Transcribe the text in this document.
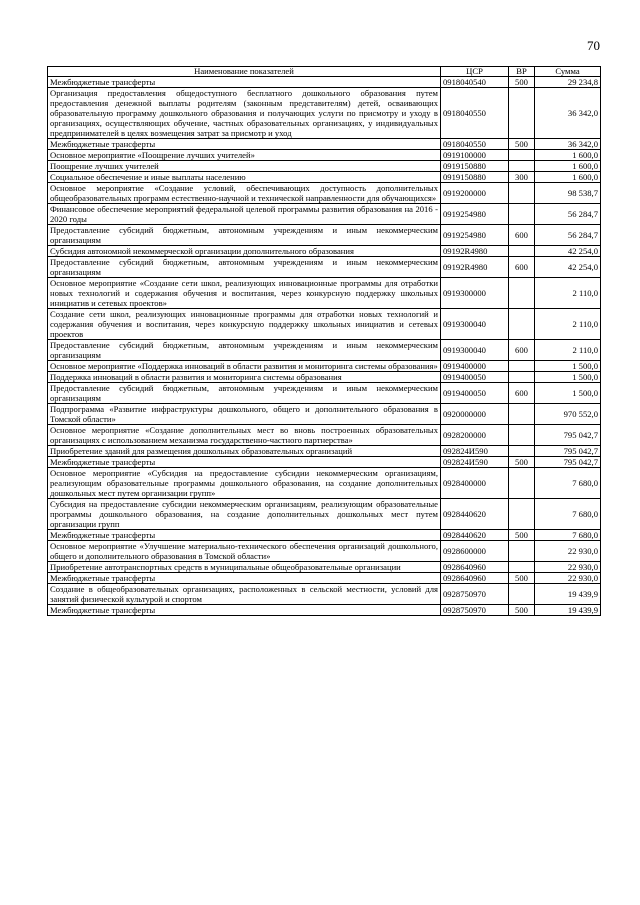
70
Наименование показателей	ЦСР	ВР	Сумма
Межбюджетные трансферты	0918040540	500	29 234,8
Организация предоставления общедоступного бесплатного дошкольного образования путем предоставления денежной выплаты родителям (законным представителям) детей, осваивающих образовательную программу дошкольного образования и получающих услуги по присмотру и уходу в организациях, осуществляющих обучение, частных образовательных организациях, у индивидуальных предпринимателей в целях возмещения затрат за присмотр и уход	0918040550		36 342,0
Межбюджетные трансферты	0918040550	500	36 342,0
Основное мероприятие «Поощрение лучших учителей»	0919100000		1 600,0
Поощрение лучших учителей	0919150880		1 600,0
Социальное обеспечение и иные выплаты населению	0919150880	300	1 600,0
Основное мероприятие «Создание условий, обеспечивающих доступность дополнительных общеобразовательных программ естественно-научной и технической направленности для обучающихся»	0919200000		98 538,7
Финансовое обеспечение мероприятий федеральной целевой программы развития образования на 2016 - 2020 годы	0919254980		56 284,7
Предоставление субсидий бюджетным, автономным учреждениям и иным некоммерческим организациям	0919254980	600	56 284,7
Субсидия автономной некоммерческой организации дополнительного образования	09192R4980		42 254,0
Предоставление субсидий бюджетным, автономным учреждениям и иным некоммерческим организациям	09192R4980	600	42 254,0
Основное мероприятие «Создание сети школ, реализующих инновационные программы для отработки новых технологий и содержания обучения и воспитания, через конкурсную поддержку школьных инициатив и сетевых проектов»	0919300000		2 110,0
Создание сети школ, реализующих инновационные программы для отработки новых технологий и содержания обучения и воспитания, через конкурсную поддержку школьных инициатив и сетевых проектов	0919300040		2 110,0
Предоставление субсидий бюджетным, автономным учреждениям и иным некоммерческим организациям	0919300040	600	2 110,0
Основное мероприятие «Поддержка инноваций в области развития и мониторинга системы образования»	0919400000		1 500,0
Поддержка инноваций в области развития и мониторинга системы образования	0919400050		1 500,0
Предоставление субсидий бюджетным, автономным учреждениям и иным некоммерческим организациям	0919400050	600	1 500,0
Подпрограмма «Развитие инфраструктуры дошкольного, общего и дополнительного образования в Томской области»	0920000000		970 552,0
Основное мероприятие «Создание дополнительных мест во вновь построенных образовательных организациях с использованием механизма государственно-частного партнерства»	0928200000		795 042,7
Приобретение зданий для размещения дошкольных образовательных организаций	092824И590		795 042,7
Межбюджетные трансферты	092824И590	500	795 042,7
Основное мероприятие «Субсидия на предоставление субсидии некоммерческим организациям, реализующим образовательные программы дошкольного образования, на создание дополнительных дошкольных мест путем организации групп»	0928400000		7 680,0
Субсидия на предоставление субсидии некоммерческим организациям, реализующим образовательные программы дошкольного образования, на создание дополнительных дошкольных мест путем организации групп	0928440620		7 680,0
Межбюджетные трансферты	0928440620	500	7 680,0
Основное мероприятие «Улучшение материально-технического обеспечения организаций дошкольного, общего и дополнительного образования в Томской области»	0928600000		22 930,0
Приобретение автотранспортных средств в муниципальные общеобразовательные организации	0928640960		22 930,0
Межбюджетные трансферты	0928640960	500	22 930,0
Создание в общеобразовательных организациях, расположенных в сельской местности, условий для занятий физической культурой и спортом	0928750970		19 439,9
Межбюджетные трансферты	0928750970	500	19 439,9
